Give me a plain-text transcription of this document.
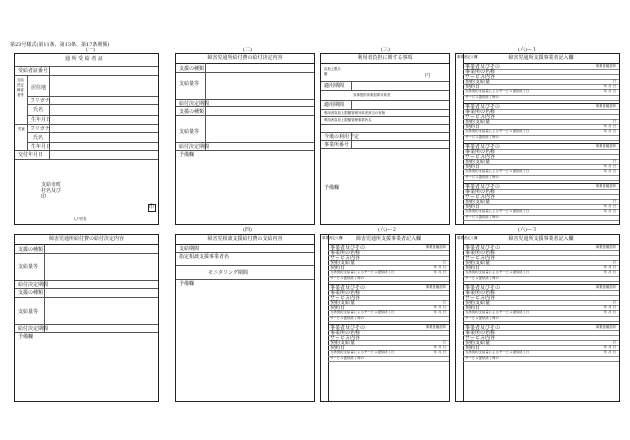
第23号様式(第11条、第13条、第17条関係)
(一)
通 所 受 給 者 証
受給者証番号
支給決定障害者等
居住地
フリガナ
氏名
生年月日
児童 フリガナ
氏名
生年月日
交付年月日
支給市町村名及び印
印
入戸営長
(二)
障害児通所給付費の給付決定内容
支援の種類
支給量等
給付決定期間
支援の種類
支給量等
給付決定期間
予備欄
(三)
利用者負担に関する事項
負担上限月額	円
適用期間
食事提供体制加算対象者
適用期間
利用者負担上限額管理対象者該当の有無
利用者負担上限額管理事業所名
今後の利用予定
事業所番号
予備欄
(六)—１
事業者記入欄	障害児通所支援事業者記入欄
事業者及びその	事業者確認印
事業所の名称
サービス内容
契約支給量	日
契約日	年 月 日
当該契約支給量によるサービス提供終了日	年 月 日
サービス提供終了時の
事業者及びその	事業者確認印
事業所の名称
サービス内容
契約支給量	日
契約日	年 月 日
当該契約支給量によるサービス提供終了日	年 月 日
サービス提供終了時の
事業者及びその	事業者確認印
事業所の名称
サービス内容
契約支給量	日
契約日	年 月 日
当該契約支給量によるサービス提供終了日	年 月 日
サービス提供終了時の
事業者及びその	事業者確認印
事業所の名称
サービス内容
契約支給量	日
契約日	年 月 日
当該契約支給量によるサービス提供終了日	年 月 日
サービス提供終了時の
障害児通所給付費の給付決定内容
支援の種類
支給量等
給付決定期間
支援の種類
支給量等
給付決定期間
予備欄
(四)
障害児相談支援給付費の支給内容
支給期間
指定相談支援事業者名
モニタリング期間
予備欄
(六)—２
事業者記入欄	障害児通所支援事業者記入欄
事業者及びその	事業者確認印
事業所の名称
サービス内容
契約支給量	日
契約日	年 月 日
当該契約支給量によるサービス提供終了日	年 月 日
サービス提供終了時の
事業者及びその	事業者確認印
事業所の名称
サービス内容
契約支給量	日
契約日	年 月 日
当該契約支給量によるサービス提供終了日	年 月 日
サービス提供終了時の
事業者及びその	事業者確認印
事業所の名称
サービス内容
契約支給量	日
契約日	年 月 日
当該契約支給量によるサービス提供終了日	年 月 日
サービス提供終了時の
(六)—３
事業者記入欄	障害児通所支援事業者記入欄
事業者及びその	事業者確認印
事業所の名称
サービス内容
契約支給量	日
契約日	年 月 日
当該契約支給量によるサービス提供終了日	年 月 日
サービス提供終了時の
事業者及びその	事業者確認印
事業所の名称
サービス内容
契約支給量	日
契約日	年 月 日
当該契約支給量によるサービス提供終了日	年 月 日
サービス提供終了時の
事業者及びその	事業者確認印
事業所の名称
サービス内容
契約支給量	日
契約日	年 月 日
当該契約支給量によるサービス提供終了日	年 月 日
サービス提供終了時の
